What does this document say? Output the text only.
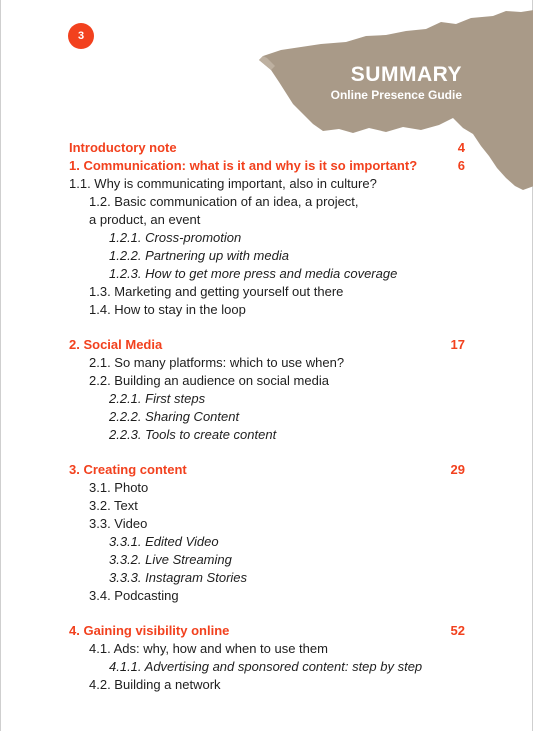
3
SUMMARY
Online Presence Gudie
Introductory note	4
1. Communication: what is it and why is it so important?	6
1.1. Why is communicating important, also in culture?
1.2. Basic communication of an idea, a project,
a product, an event
1.2.1. Cross-promotion
1.2.2. Partnering up with media
1.2.3. How to get more press and media coverage
1.3. Marketing and getting yourself out there
1.4. How to stay in the loop
2. Social Media	17
2.1. So many platforms: which to use when?
2.2. Building an audience on social media
2.2.1. First steps
2.2.2. Sharing Content
2.2.3. Tools to create content
3. Creating content	29
3.1. Photo
3.2. Text
3.3. Video
3.3.1. Edited Video
3.3.2. Live Streaming
3.3.3. Instagram Stories
3.4. Podcasting
4. Gaining visibility online	52
4.1. Ads: why, how and when to use them
4.1.1. Advertising and sponsored content: step by step
4.2. Building a network
